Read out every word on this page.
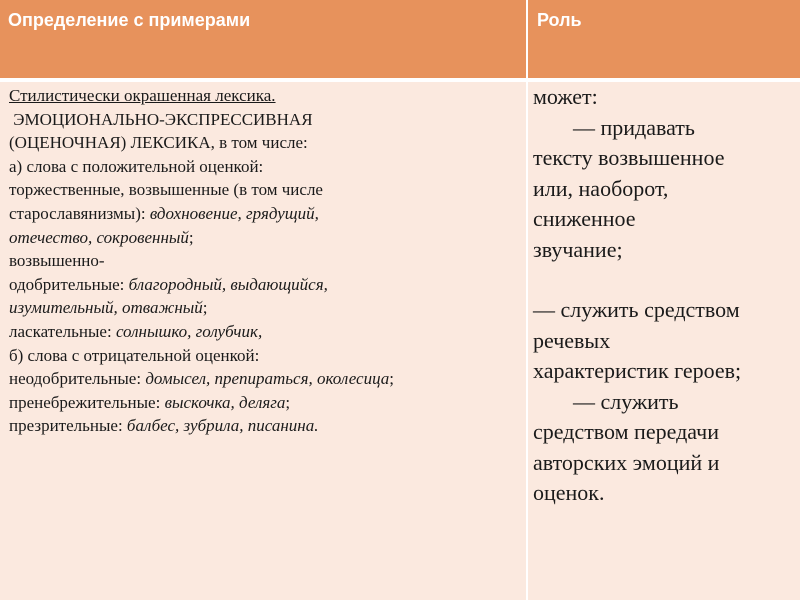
Определение с примерами	Роль

Стилистически окрашенная лексика.

ЭМОЦИОНАЛЬНО-ЭКСПРЕССИВНАЯ

(ОЦЕНОЧНАЯ) ЛЕКСИКА, в том числе:

а) слова с положительной оценкой:

торжественные, возвышенные (в том числе

старославянизмы): вдохновение, грядущий,

отечество, сокровенный;

возвышенно-

одобрительные: благородный, выдающийся,

изумительный, отважный;

ласкательные: солнышко, голубчик,

б) слова с отрицательной оценкой:

неодобрительные: домысел, препираться, околесица;

пренебрежительные: выскочка, деляга;

презрительные: балбес, зубрила, писанина.

может:

— придавать

тексту возвышенное

или, наоборот,

сниженное

звучание;

— служить средством

речевых

характеристик героев;

— служить

средством передачи

авторских эмоций и

оценок.
